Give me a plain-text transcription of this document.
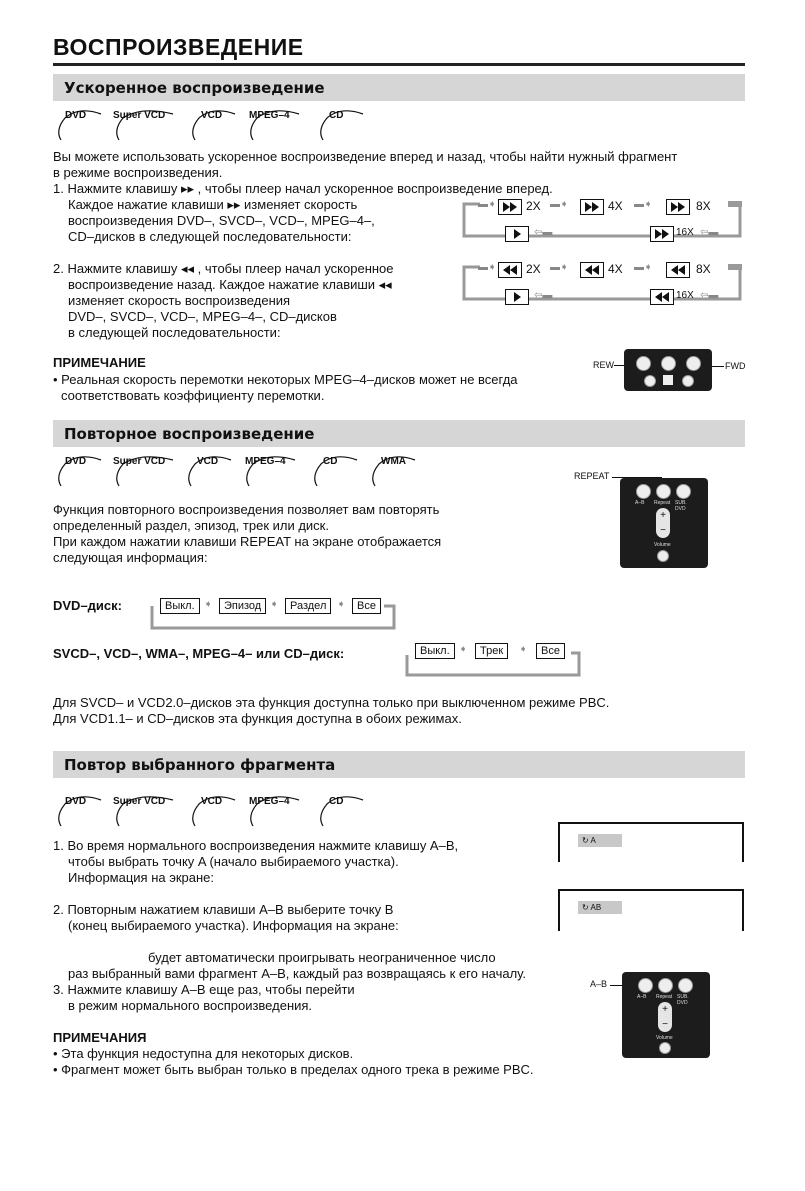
ВОСПРОИЗВЕДЕНИЕ
Ускоренное воспроизведение
DVD	Super VCD	VCD	MPEG–4	CD
Вы можете использовать ускоренное воспроизведение вперед и назад, чтобы найти нужный фрагмент
в режиме воспроизведения.
1. Нажмите клавишу ▸▸ , чтобы плеер начал ускоренное воспроизведение вперед.
Каждое нажатие клавиши ▸▸ изменяет скорость
воспроизведения DVD–, SVCD–, VCD–, MPEG–4–,
CD–дисков в следующей последовательности:
▬➧ 2X ▬➧	4X ▬➧	8X
⇦▬	16X ⇦▬
2. Нажмите клавишу ◂◂ , чтобы плеер начал ускоренное
воспроизведение назад. Каждое нажатие клавиши ◂◂
изменяет скорость воспроизведения
DVD–, SVCD–, VCD–, MPEG–4–, CD–дисков
в следующей последовательности:
▬➧ 2X ▬➧	4X ▬➧	8X
⇦▬	16X ⇦▬
ПРИМЕЧАНИЕ
• Реальная скорость перемотки некоторых MPEG–4–дисков может не всегда
соответствовать коэффициенту перемотки.
REW	FWD
Повторное воспроизведение
DVD	Super VCD	VCD	MPEG–4	CD	WMA
Функция повторного воспроизведения позволяет вам повторять
определенный раздел, эпизод, трек или диск.
При каждом нажатии клавиши REPEAT на экране отображается
следующая информация:
REPEAT
A–B Repeat SUB. DVD
+
−
Volume
DVD–диск:	Выкл. ➧	Эпизод ➧	Раздел	➧	Все
SVCD–, VCD–, WMA–, MPEG–4– или CD–диск:	Выкл. ➧	Трек	➧	Все
Для SVCD– и VCD2.0–дисков эта функция доступна только при выключенном режиме PBC.
Для VCD1.1– и CD–дисков эта функция доступна в обоих режимах.
Повтор выбранного фрагмента
DVD	Super VCD	VCD	MPEG–4	CD
1. Во время нормального воспроизведения нажмите клавишу A–B,
чтобы выбрать точку A (начало выбираемого участка).
Информация на экране:
↻ A
2. Повторным нажатием клавиши A–B выберите точку B
(конец выбираемого участка). Информация на экране:
↻ AB
будет автоматически проигрывать неограниченное число
раз выбранный вами фрагмент A–B, каждый раз возвращаясь к его началу.
3. Нажмите клавишу A–B еще раз, чтобы перейти
в режим нормального воспроизведения.
A–B
A–B Repeat SUB. DVD
+
−
Volume
ПРИМЕЧАНИЯ
• Эта функция недоступна для некоторых дисков.
• Фрагмент может быть выбран только в пределах одного трека в режиме PBC.
